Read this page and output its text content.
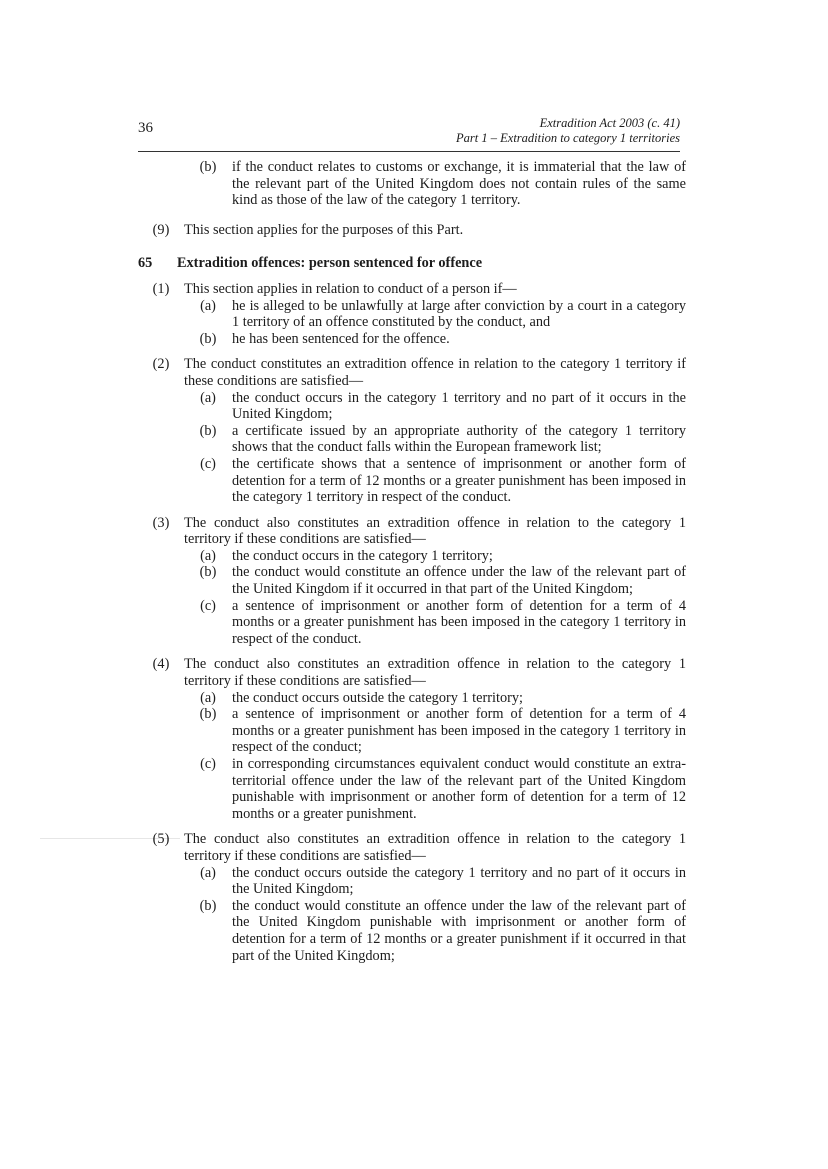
36	Extradition Act 2003 (c. 41)
Part 1 – Extradition to category 1 territories
(b)	if the conduct relates to customs or exchange, it is immaterial that the law of the relevant part of the United Kingdom does not contain rules of the same kind as those of the law of the category 1 territory.
(9)	This section applies for the purposes of this Part.
65	Extradition offences: person sentenced for offence
(1)	This section applies in relation to conduct of a person if—
(a)	he is alleged to be unlawfully at large after conviction by a court in a category 1 territory of an offence constituted by the conduct, and
(b)	he has been sentenced for the offence.
(2)	The conduct constitutes an extradition offence in relation to the category 1 territory if these conditions are satisfied—
(a)	the conduct occurs in the category 1 territory and no part of it occurs in the United Kingdom;
(b)	a certificate issued by an appropriate authority of the category 1 territory shows that the conduct falls within the European framework list;
(c)	the certificate shows that a sentence of imprisonment or another form of detention for a term of 12 months or a greater punishment has been imposed in the category 1 territory in respect of the conduct.
(3)	The conduct also constitutes an extradition offence in relation to the category 1 territory if these conditions are satisfied—
(a)	the conduct occurs in the category 1 territory;
(b)	the conduct would constitute an offence under the law of the relevant part of the United Kingdom if it occurred in that part of the United Kingdom;
(c)	a sentence of imprisonment or another form of detention for a term of 4 months or a greater punishment has been imposed in the category 1 territory in respect of the conduct.
(4)	The conduct also constitutes an extradition offence in relation to the category 1 territory if these conditions are satisfied—
(a)	the conduct occurs outside the category 1 territory;
(b)	a sentence of imprisonment or another form of detention for a term of 4 months or a greater punishment has been imposed in the category 1 territory in respect of the conduct;
(c)	in corresponding circumstances equivalent conduct would constitute an extra-territorial offence under the law of the relevant part of the United Kingdom punishable with imprisonment or another form of detention for a term of 12 months or a greater punishment.
(5)	The conduct also constitutes an extradition offence in relation to the category 1 territory if these conditions are satisfied—
(a)	the conduct occurs outside the category 1 territory and no part of it occurs in the United Kingdom;
(b)	the conduct would constitute an offence under the law of the relevant part of the United Kingdom punishable with imprisonment or another form of detention for a term of 12 months or a greater punishment if it occurred in that part of the United Kingdom;
